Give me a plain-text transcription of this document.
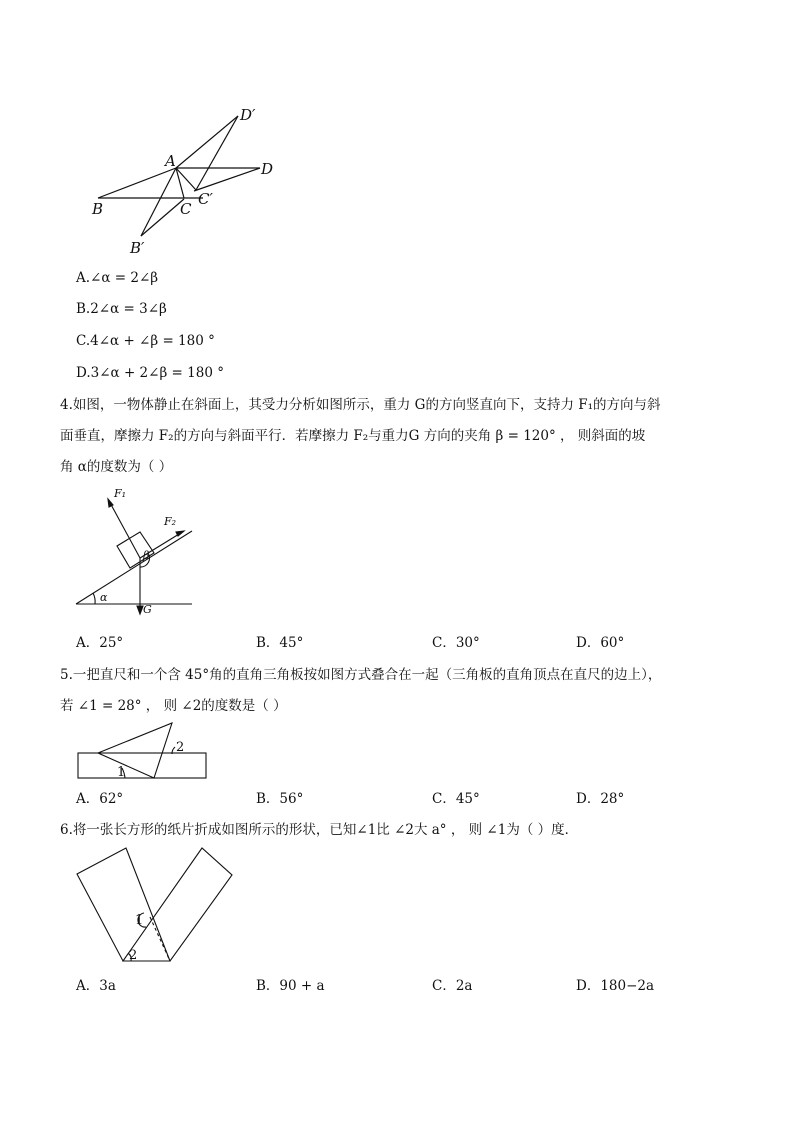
A
B	C
C′
D
D′
B′
A.∠α = 2∠β
B.2∠α = 3∠β
C.4∠α + ∠β = 180 °
D.3∠α + 2∠β = 180 °
4.如图，一物体静止在斜面上，其受力分析如图所示，重力 G的方向竖直向下，支持力 F₁的方向与斜
面垂直，摩擦力 F₂的方向与斜面平行．若摩擦力 F₂与重力G 方向的夹角 β = 120° ， 则斜面的坡
角 α的度数为（ ）
F₁
F₂
β
α
G
A．25°	B．45°	C．30°	D．60°
5.一把直尺和一个含 45°角的直角三角板按如图方式叠合在一起（三角板的直角顶点在直尺的边上），
若 ∠1 = 28° ， 则 ∠2的度数是（ ）
1
2
A．62°	B．56°	C．45°	D．28°
6.将一张长方形的纸片折成如图所示的形状，已知∠1比 ∠2大 a° ， 则 ∠1为（ ）度．
1
2
A．3a	B．90 + a	C．2a	D．180−2a
